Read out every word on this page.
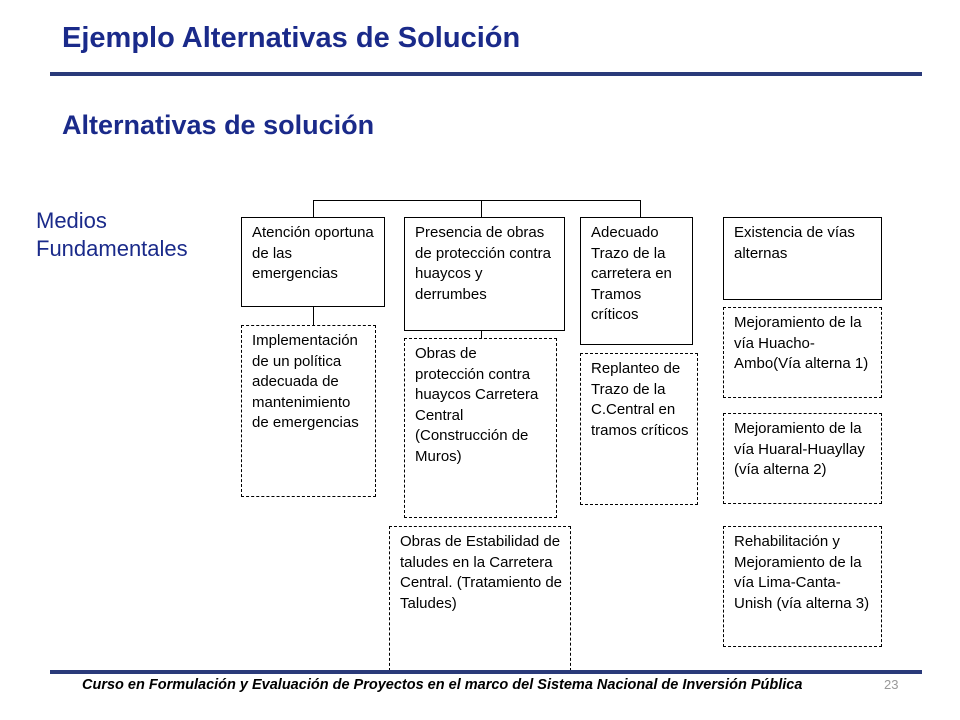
Ejemplo Alternativas de Solución
Alternativas de solución
Medios
Fundamentales
Atención oportuna de las emergencias
Presencia de obras de protección contra huaycos y derrumbes
Adecuado Trazo de la carretera en Tramos críticos
Existencia de vías alternas
Implementación de un política adecuada de mantenimiento de emergencias
Obras de protección contra huaycos Carretera Central (Construcción de Muros)
Obras de Estabilidad de taludes en la Carretera Central. (Tratamiento de Taludes)
Replanteo de Trazo de la C.Central en tramos críticos
Mejoramiento de la vía Huacho-Ambo(Vía alterna 1)
Mejoramiento de la vía Huaral-Huayllay (vía alterna 2)
Rehabilitación y Mejoramiento de la vía Lima-Canta- Unish (vía alterna 3)
Curso en Formulación y Evaluación de Proyectos en el marco del Sistema Nacional de Inversión Pública	23
